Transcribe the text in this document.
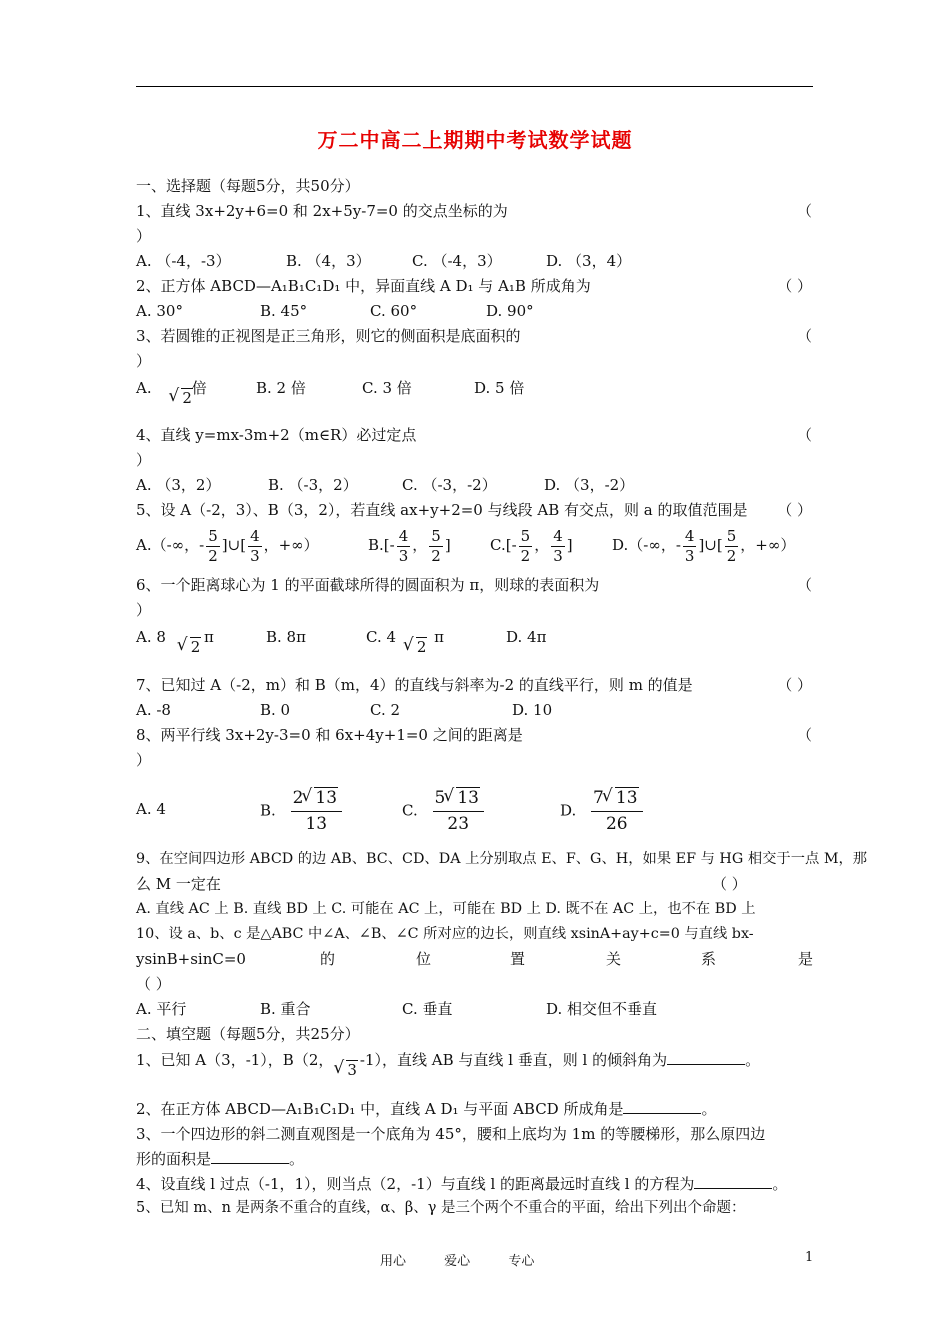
万二中高二上期期中考试数学试题
一、选择题（每题5分，共50分）
1、直线 3x+2y+6=0 和 2x+5y-7=0 的交点坐标的为	（
）
A. （-4，-3）	B. （4，3）	C. （-4，3）	D. （3，4）
2、正方体 ABCD—A₁B₁C₁D₁ 中，异面直线 A D₁ 与 A₁B 所成角为	（ ）
A. 30°	B. 45°	C. 60°	D. 90°
3、若圆锥的正视图是正三角形，则它的侧面积是底面积的	（
）
A. √ 2 倍	B. 2 倍	C. 3 倍	D. 5 倍
4、直线 y=mx-3m+2（m∈R）必过定点	（
）
A. （3，2）	B. （-3，2）	C. （-3，-2）	D. （3，-2）
5、设 A（-2，3）、B（3，2），若直线 ax+y+2=0 与线段 AB 有交点，则 a 的取值范围是 （ ）
A.（-∞，- $\frac{5}{2}$ ]∪[ $\frac{4}{3}$ ，+∞）	$B.[- \frac{4}{3}$ ， $\frac{5}{2}$ ]	$C.[- \frac{5}{2}$ ， $\frac{4}{3}$ ]	D.（-∞，- $\frac{4}{3}$ ]∪[ $\frac{5}{2}$ ，+∞）
6、一个距离球心为 1 的平面截球所得的圆面积为 π，则球的表面积为	（
）
A. 8 √ 2 π	B. 8π	C. 4 √ 2 π	D. 4π
7、已知过 A（-2，m）和 B（m，4）的直线与斜率为-2 的直线平行，则 m 的值是	（ ）
A. -8	B. 0	C. 2	D. 10
8、两平行线 3x+2y-3=0 和 6x+4y+1=0 之间的距离是	（
）
A. 4	B. $\frac{2 √ 13}{13}$	C. $\frac{5 √ 13}{23}$	D. $\frac{7 √ 13}{26}$
9、在空间四边形 ABCD 的边 AB、BC、CD、DA 上分别取点 E、F、G、H，如果 EF 与 HG 相交于一点 M，那
么 M 一定在	（ ）
A. 直线 AC 上 B. 直线 BD 上 C. 可能在 AC 上，可能在 BD 上 D. 既不在 AC 上，也不在 BD 上
10、设 a、b、c 是△ABC 中∠A、∠B、∠C 所对应的边长，则直线 xsinA+ay+c=0 与直线 bx-
ysinB+sinC=0	的	位	置	关	系	是
（ ）
A. 平行	B. 重合	C. 垂直	D. 相交但不垂直
二、填空题（每题5分，共25分）
1、已知 A（3，-1），B（2，√ 3-1），直线 AB 与直线 l 垂直，则 l 的倾斜角为	。
2、在正方体 ABCD—A₁B₁C₁D₁ 中，直线 A D₁ 与平面 ABCD 所成角是	。
3、一个四边形的斜二测直观图是一个底角为 45°，腰和上底均为 1m 的等腰梯形，那么原四边
形的面积是	。
4、设直线 l 过点（-1，1），则当点（2，-1）与直线 l 的距离最远时直线 l 的方程为	。
5、已知 m、n 是两条不重合的直线，α、β、γ 是三个两个不重合的平面，给出下列出个命题：
用心	爱心	专心	1
